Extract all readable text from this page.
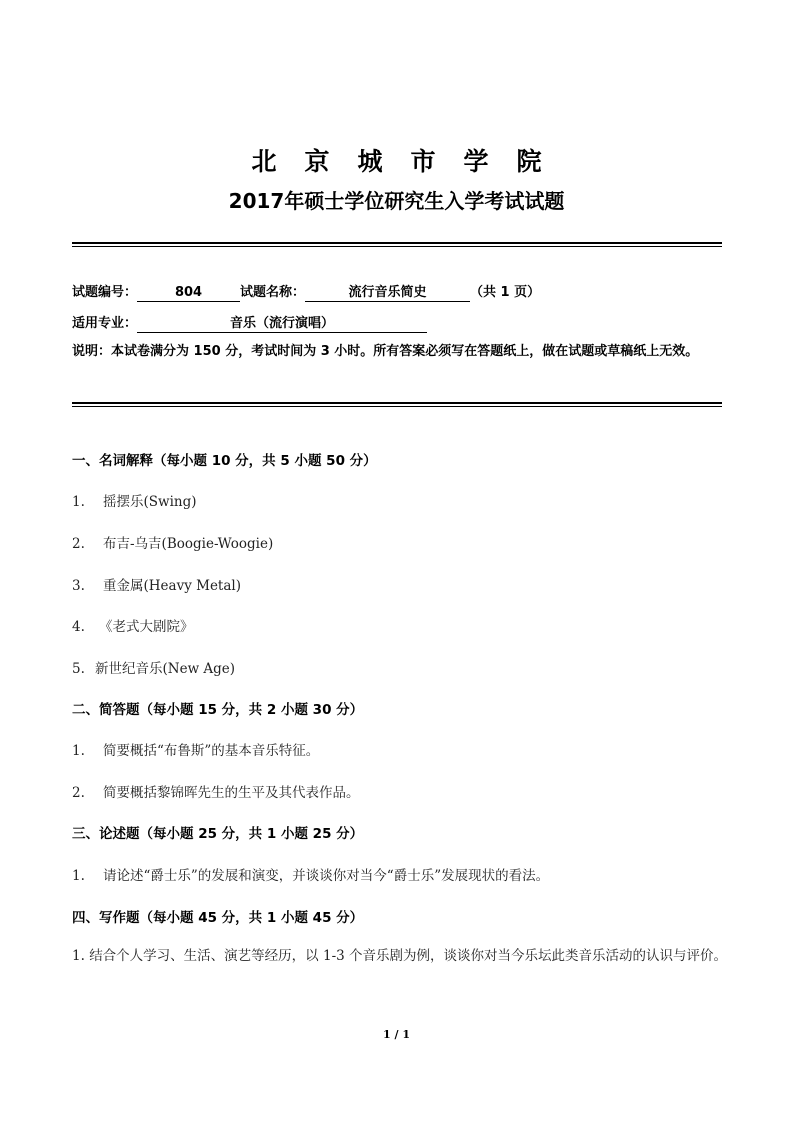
北京城市学院
2017年硕士学位研究生入学考试试题
试题编号：	804	试题名称：	流行音乐简史	（共 1 页）
适用专业：	音乐（流行演唱）
说明：本试卷满分为 150 分，考试时间为 3 小时。所有答案必须写在答题纸上，做在试题或草稿纸上无效。
一、名词解释（每小题 10 分，共 5 小题 50 分）
1. 摇摆乐(Swing)
2. 布吉-乌吉(Boogie-Woogie)
3. 重金属(Heavy Metal)
4. 《老式大剧院》
5. 新世纪音乐(New Age)
二、简答题（每小题 15 分，共 2 小题 30 分）
1. 简要概括“布鲁斯”的基本音乐特征。
2. 简要概括黎锦晖先生的生平及其代表作品。
三、论述题（每小题 25 分，共 1 小题 25 分）
1. 请论述“爵士乐”的发展和演变，并谈谈你对当今“爵士乐”发展现状的看法。
四、写作题（每小题 45 分，共 1 小题 45 分）
1. 结合个人学习、生活、演艺等经历，以 1-3 个音乐剧为例，谈谈你对当今乐坛此类音乐活动的认识与评价。
1 / 1
